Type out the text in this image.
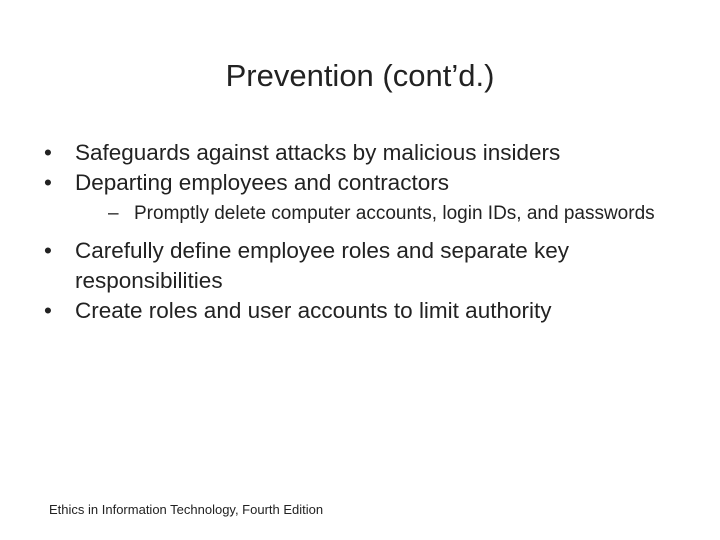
Prevention (cont’d.)
•	Safeguards against attacks by malicious insiders
•	Departing employees and contractors
– Promptly delete computer accounts, login IDs, and passwords
•	Carefully define employee roles and separate key responsibilities
•	Create roles and user accounts to limit authority
Ethics in Information Technology, Fourth Edition
